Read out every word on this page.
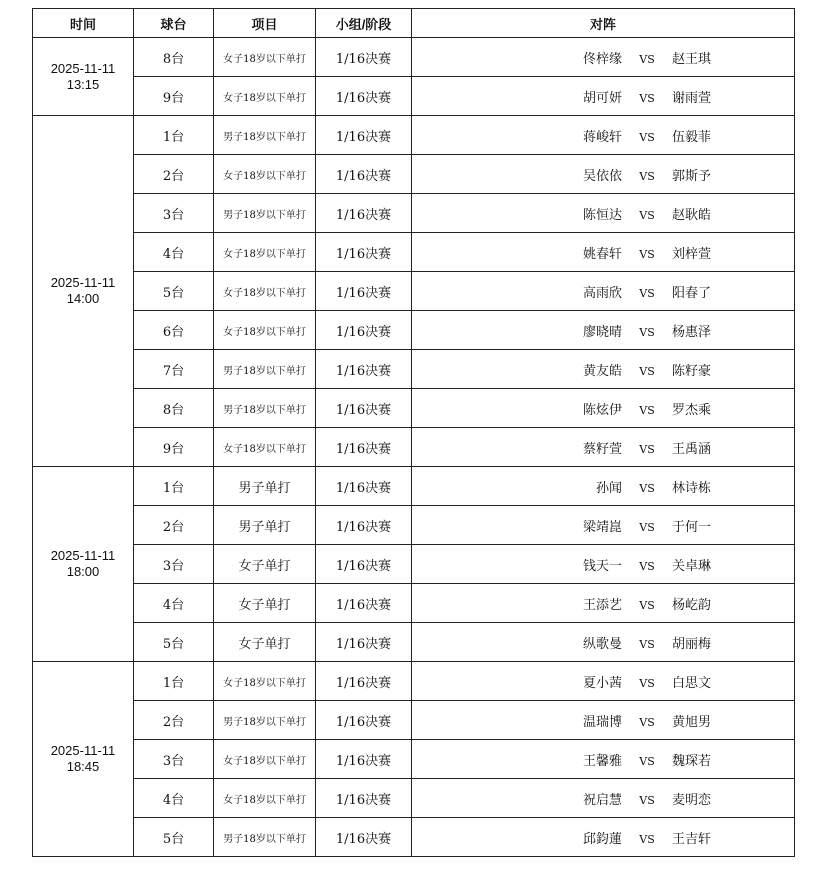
时间	球台	项目	小组/阶段	对阵

2025-11-11
13:15	8台	女子18岁以下单打	1/16决赛	佟梓缘 VS 赵王琪
	9台	女子18岁以下单打	1/16决赛	胡可妍 VS 谢雨萱

2025-11-11
14:00	1台	男子18岁以下单打	1/16决赛	蒋峻轩 VS 伍毅菲
	2台	女子18岁以下单打	1/16决赛	吴依依 VS 郭斯予
	3台	男子18岁以下单打	1/16决赛	陈恒达 VS 赵耿皓
	4台	女子18岁以下单打	1/16决赛	姚春轩 VS 刘梓萱
	5台	女子18岁以下单打	1/16决赛	高雨欣 VS 阳春了
	6台	女子18岁以下单打	1/16决赛	廖晓晴 VS 杨惠泽
	7台	男子18岁以下单打	1/16决赛	黄友皓 VS 陈籽豪
	8台	男子18岁以下单打	1/16决赛	陈炫伊 VS 罗杰乘
	9台	女子18岁以下单打	1/16决赛	蔡籽萱 VS 王禹涵

2025-11-11
18:00	1台	男子单打	1/16决赛	孙闻 VS 林诗栋
	2台	男子单打	1/16决赛	梁靖崑 VS 于何一
	3台	女子单打	1/16决赛	钱天一 VS 关卓琳
	4台	女子单打	1/16决赛	王添艺 VS 杨屹韵
	5台	女子单打	1/16决赛	纵歌曼 VS 胡丽梅

2025-11-11
18:45	1台	女子18岁以下单打	1/16决赛	夏小茜 VS 白思文
	2台	男子18岁以下单打	1/16决赛	温瑞博 VS 黄旭男
	3台	女子18岁以下单打	1/16决赛	王馨雅 VS 魏琛若
	4台	女子18岁以下单打	1/16决赛	祝启慧 VS 麦明恋
	5台	男子18岁以下单打	1/16决赛	邱鈞蓮 VS 王吉轩
